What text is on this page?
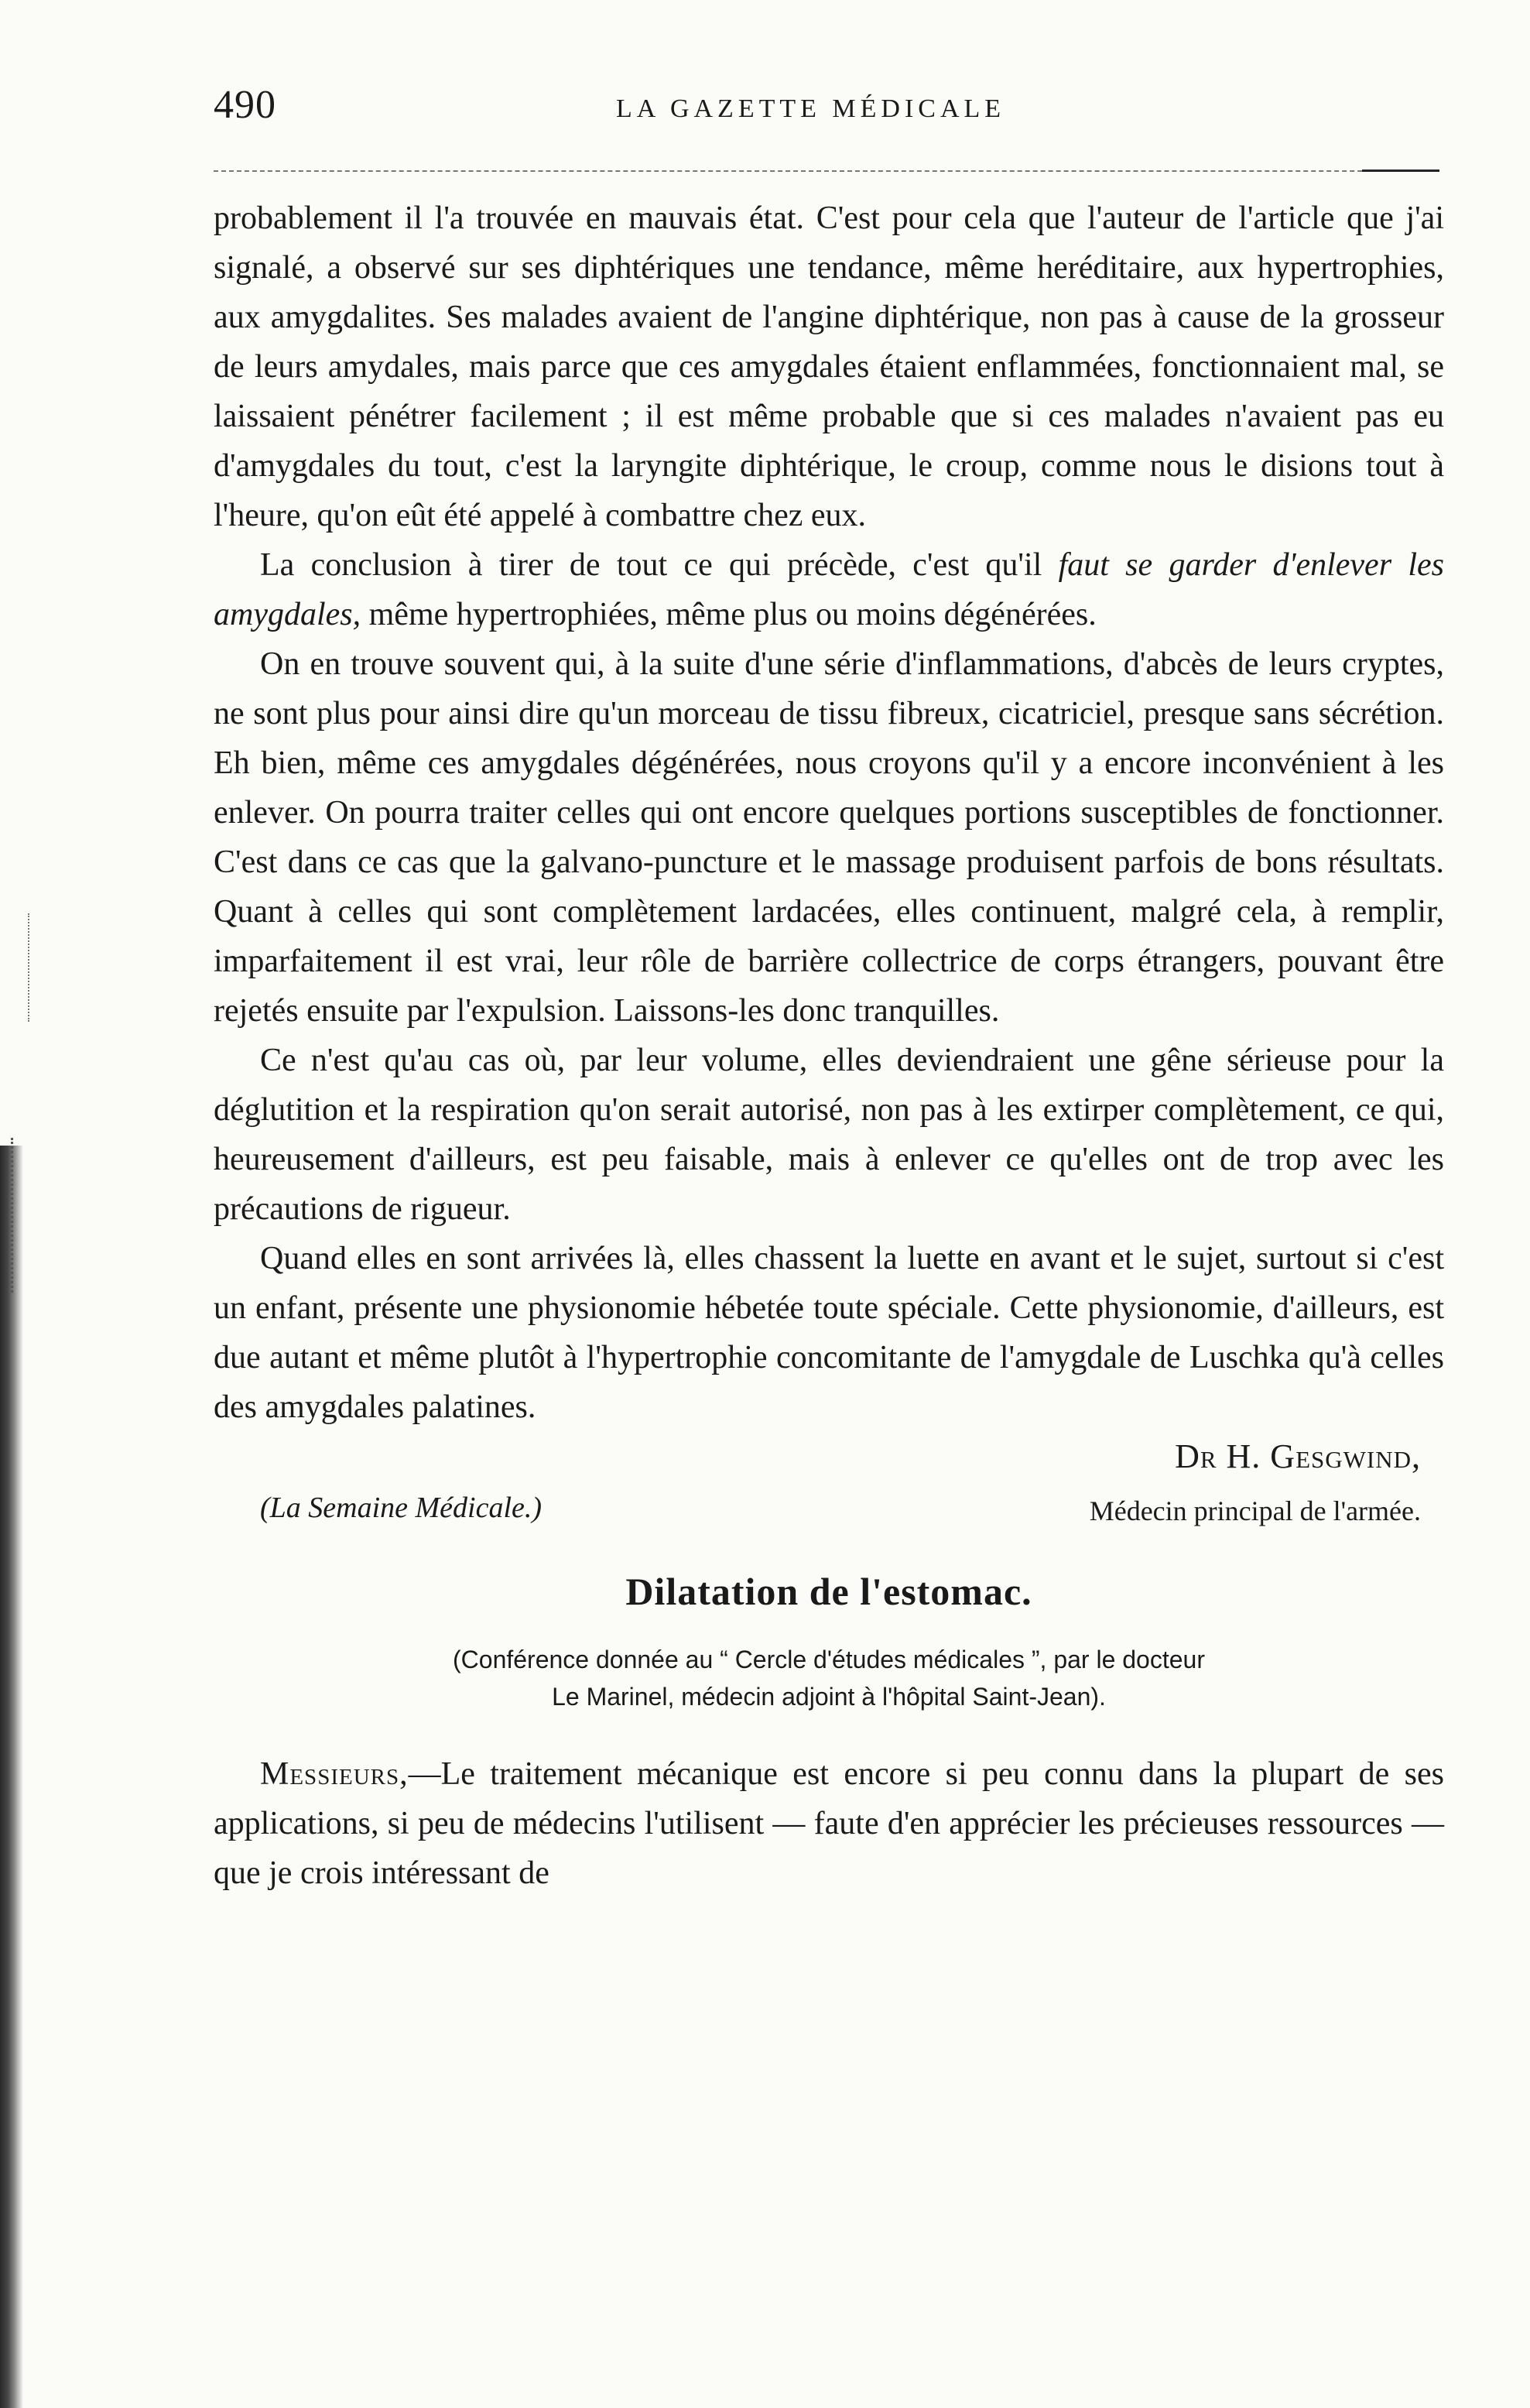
490	LA GAZETTE MÉDICALE

probablement il l'a trouvée en mauvais état. C'est pour cela que l'auteur de l'article que j'ai signalé, a observé sur ses diphtériques une tendance, même heréditaire, aux hypertrophies, aux amygdalites. Ses malades avaient de l'angine diphtérique, non pas à cause de la grosseur de leurs amydales, mais parce que ces amygdales étaient enflammées, fonctionnaient mal, se laissaient pénétrer facilement ; il est même probable que si ces malades n'avaient pas eu d'amygdales du tout, c'est la laryngite diphtérique, le croup, comme nous le disions tout à l'heure, qu'on eût été appelé à combattre chez eux.

La conclusion à tirer de tout ce qui précède, c'est qu'il faut se garder d'enlever les amygdales, même hypertrophiées, même plus ou moins dégénérées.

On en trouve souvent qui, à la suite d'une série d'inflammations, d'abcès de leurs cryptes, ne sont plus pour ainsi dire qu'un morceau de tissu fibreux, cicatriciel, presque sans sécrétion. Eh bien, même ces amygdales dégénérées, nous croyons qu'il y a encore inconvénient à les enlever. On pourra traiter celles qui ont encore quelques portions susceptibles de fonctionner. C'est dans ce cas que la galvano-puncture et le massage produisent parfois de bons résultats. Quant à celles qui sont complètement lardacées, elles continuent, malgré cela, à remplir, imparfaitement il est vrai, leur rôle de barrière collectrice de corps étrangers, pouvant être rejetés ensuite par l'expulsion. Laissons-les donc tranquilles.

Ce n'est qu'au cas où, par leur volume, elles deviendraient une gêne sérieuse pour la déglutition et la respiration qu'on serait autorisé, non pas à les extirper complètement, ce qui, heureusement d'ailleurs, est peu faisable, mais à enlever ce qu'elles ont de trop avec les précautions de rigueur.

Quand elles en sont arrivées là, elles chassent la luette en avant et le sujet, surtout si c'est un enfant, présente une physionomie hébetée toute spéciale. Cette physionomie, d'ailleurs, est due autant et même plutôt à l'hypertrophie concomitante de l'amygdale de Luschka qu'à celles des amygdales palatines.

Dr H. Gesgwind,
(La Semaine Médicale.)	Médecin principal de l'armée.
Dilatation de l'estomac.
(Conférence donnée au “ Cercle d'études médicales ”, par le docteur
Le Marinel, médecin adjoint à l'hôpital Saint-Jean).

Messieurs,—Le traitement mécanique est encore si peu connu dans la plupart de ses applications, si peu de médecins l'utilisent — faute d'en apprécier les précieuses ressources — que je crois intéressant de
